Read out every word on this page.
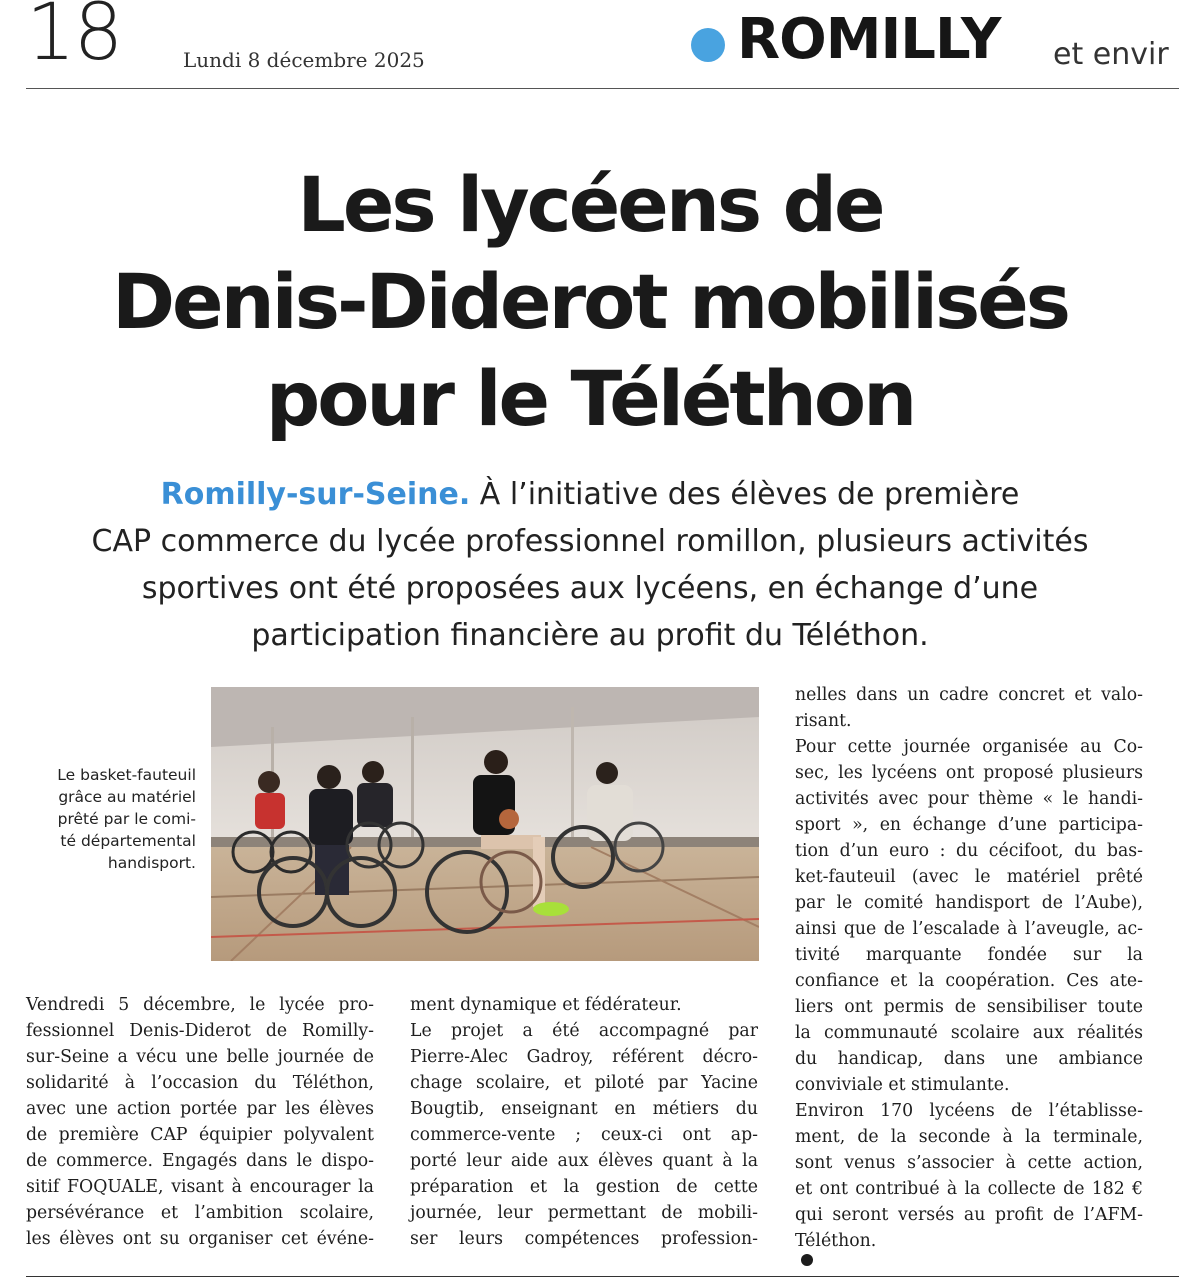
18	Lundi 8 décembre 2025	ROMILLY et envir
Les lycéens de
Denis-Diderot mobilisés
pour le Téléthon

Romilly-sur-Seine. À l’initiative des élèves de première
CAP commerce du lycée professionnel romillon, plusieurs activités
sportives ont été proposées aux lycéens, en échange d’une
participation financière au profit du Téléthon.

Le basket-fauteuil
grâce au matériel
prêté par le comi-
té départemental
handisport.
Vendredi 5 décembre, le lycée pro-
fessionnel Denis-Diderot de Romilly-
sur-Seine a vécu une belle journée de
solidarité à l’occasion du Téléthon,
avec une action portée par les élèves
de première CAP équipier polyvalent
de commerce. Engagés dans le dispo-
sitif FOQUALE, visant à encourager la
persévérance et l’ambition scolaire,
les élèves ont su organiser cet événe-
ment dynamique et fédérateur.
Le projet a été accompagné par
Pierre-Alec Gadroy, référent décro-
chage scolaire, et piloté par Yacine
Bougtib, enseignant en métiers du
commerce-vente ; ceux-ci ont ap-
porté leur aide aux élèves quant à la
préparation et la gestion de cette
journée, leur permettant de mobili-
ser leurs compétences profession-
nelles dans un cadre concret et valo-
risant.
Pour cette journée organisée au Co-
sec, les lycéens ont proposé plusieurs
activités avec pour thème « le handi-
sport », en échange d’une participa-
tion d’un euro : du cécifoot, du bas-
ket-fauteuil (avec le matériel prêté
par le comité handisport de l’Aube),
ainsi que de l’escalade à l’aveugle, ac-
tivité marquante fondée sur la
confiance et la coopération. Ces ate-
liers ont permis de sensibiliser toute
la communauté scolaire aux réalités
du handicap, dans une ambiance
conviviale et stimulante.
Environ 170 lycéens de l’établisse-
ment, de la seconde à la terminale,
sont venus s’associer à cette action,
et ont contribué à la collecte de 182 €
qui seront versés au profit de l’AFM-
Téléthon.
